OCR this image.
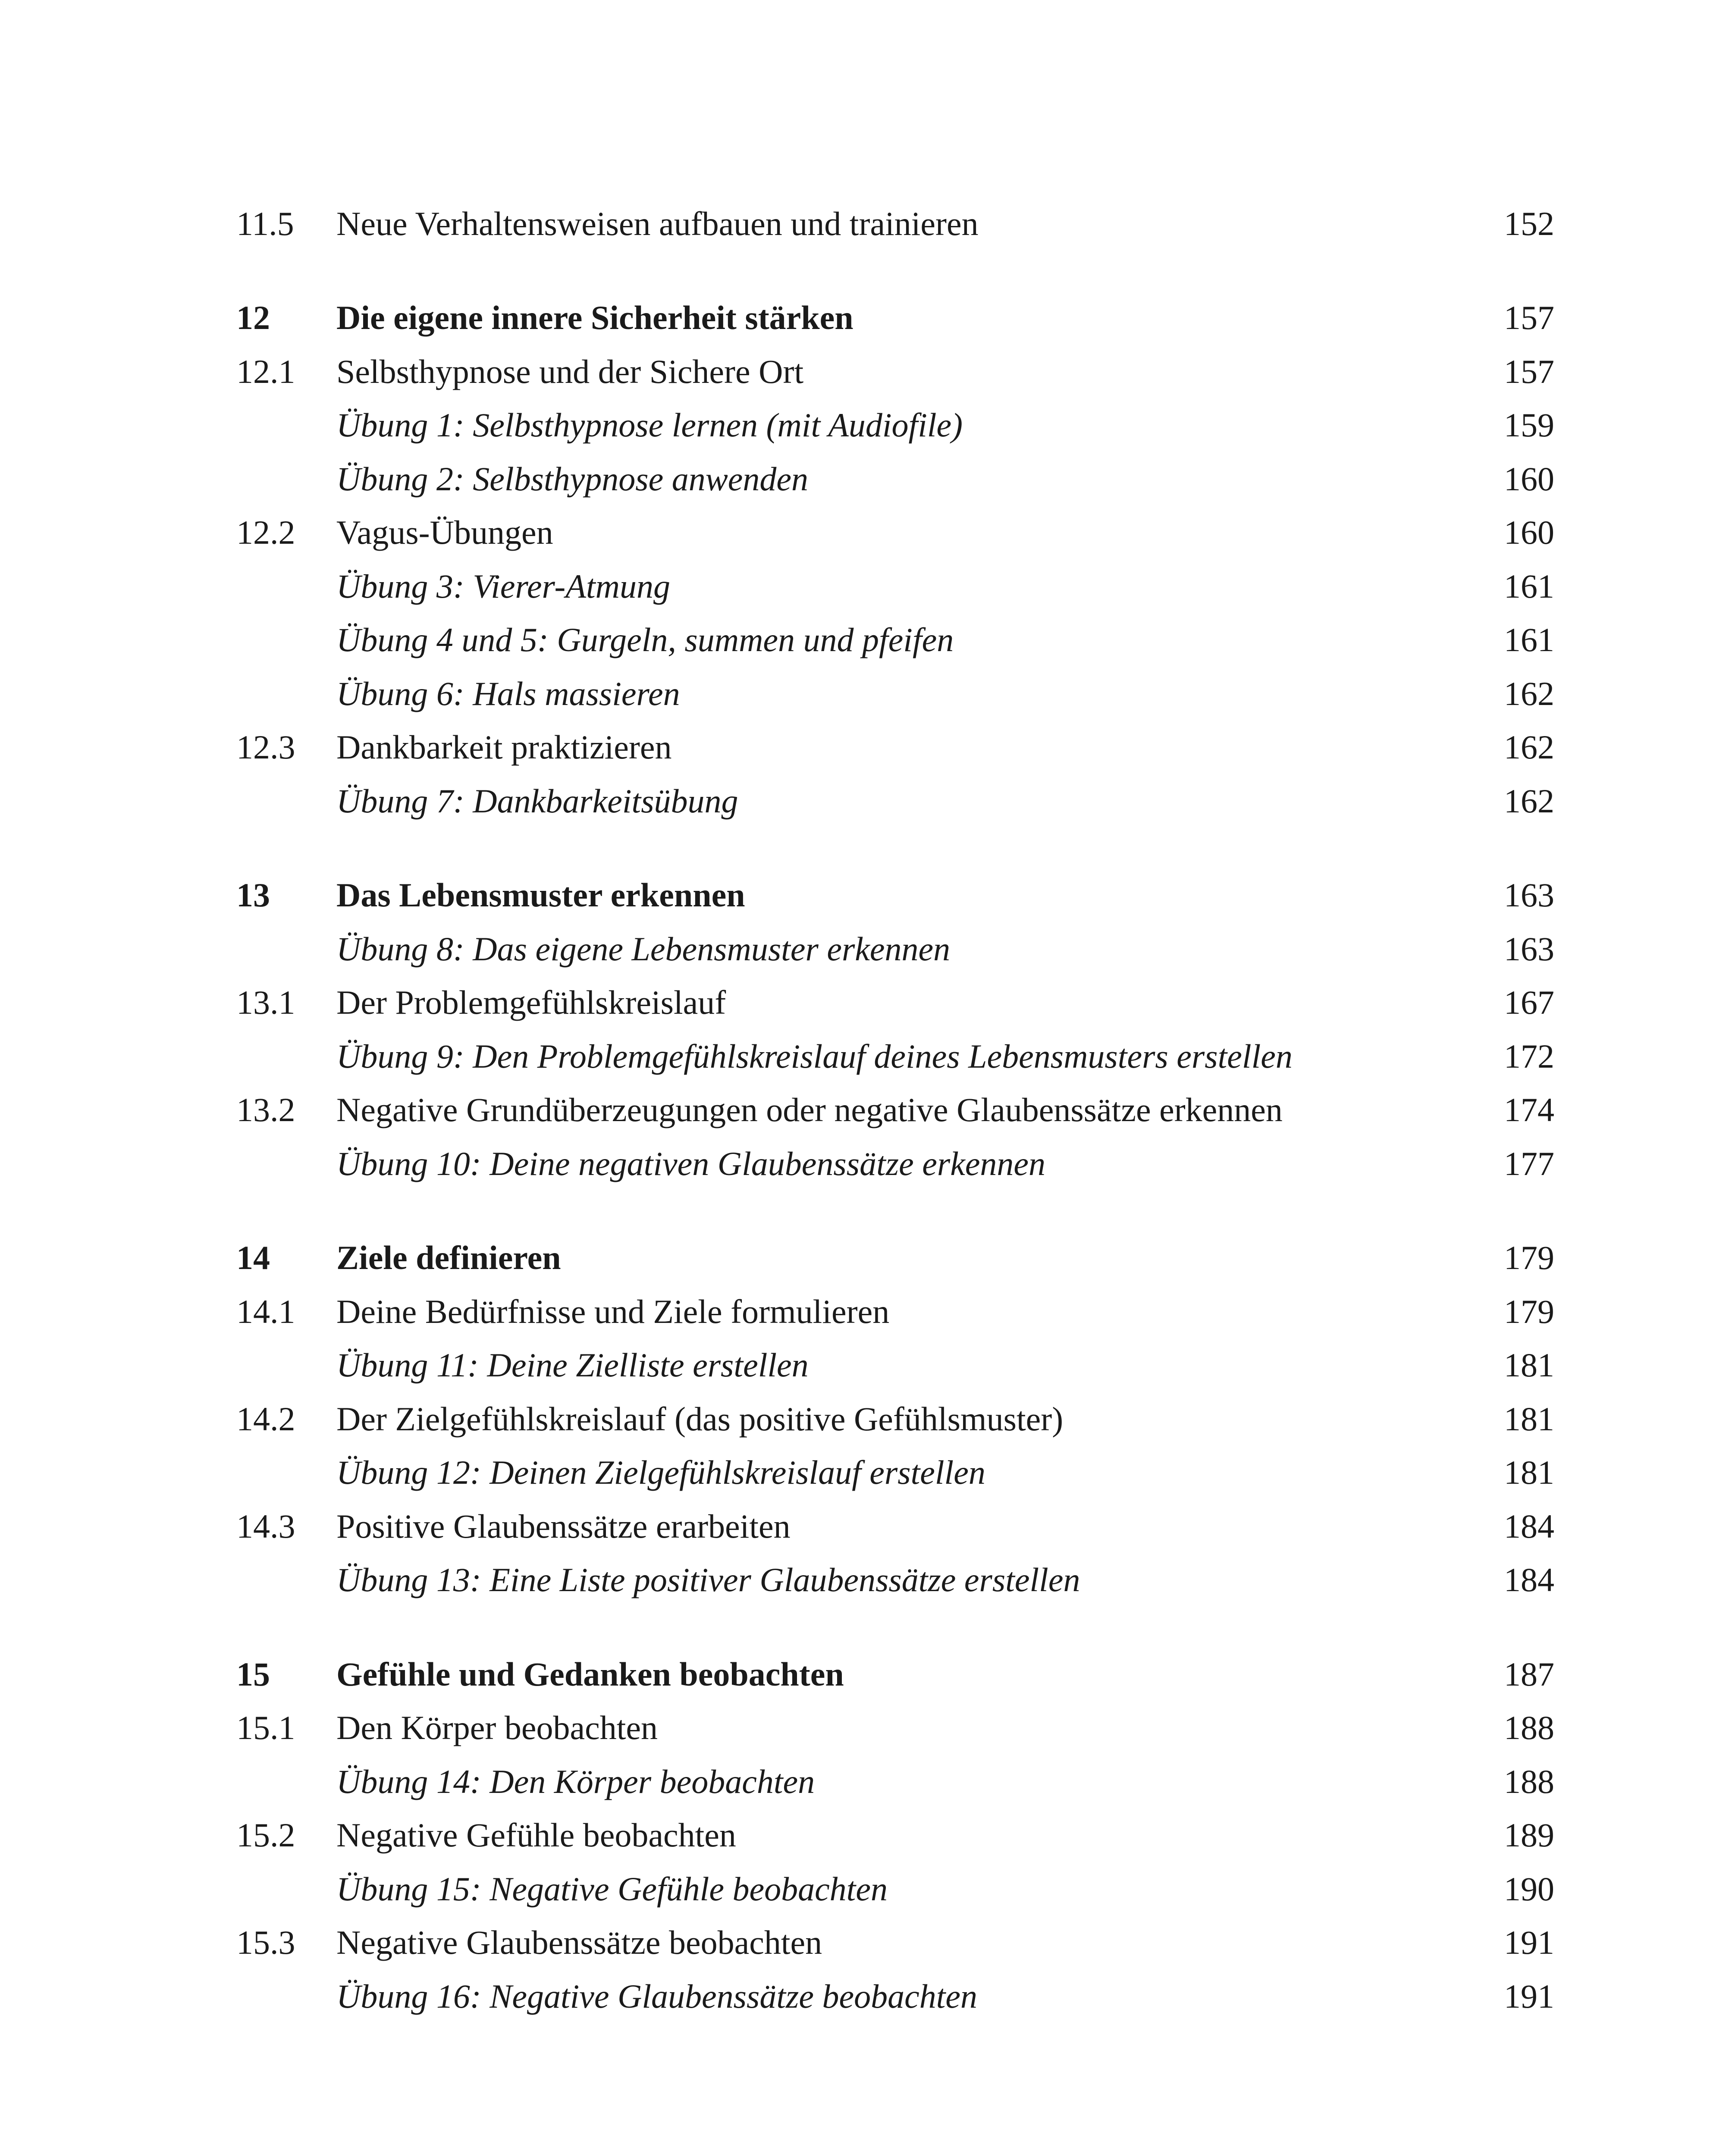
11.5 Neue Verhaltensweisen aufbauen und trainieren	152
12 Die eigene innere Sicherheit stärken	157
12.1 Selbsthypnose und der Sichere Ort	157
Übung 1: Selbsthypnose lernen (mit Audiofile)	159
Übung 2: Selbsthypnose anwenden	160
12.2 Vagus-Übungen	160
Übung 3: Vierer-Atmung	161
Übung 4 und 5: Gurgeln, summen und pfeifen	161
Übung 6: Hals massieren	162
12.3 Dankbarkeit praktizieren	162
Übung 7: Dankbarkeitsübung	162
13 Das Lebensmuster erkennen	163
Übung 8: Das eigene Lebensmuster erkennen	163
13.1 Der Problemgefühlskreislauf	167
Übung 9: Den Problemgefühlskreislauf deines Lebensmusters erstellen	172
13.2 Negative Grundüberzeugungen oder negative Glaubenssätze erkennen	174
Übung 10: Deine negativen Glaubenssätze erkennen	177
14 Ziele definieren	179
14.1 Deine Bedürfnisse und Ziele formulieren	179
Übung 11: Deine Zielliste erstellen	181
14.2 Der Zielgefühlskreislauf (das positive Gefühlsmuster)	181
Übung 12: Deinen Zielgefühlskreislauf erstellen	181
14.3 Positive Glaubenssätze erarbeiten	184
Übung 13: Eine Liste positiver Glaubenssätze erstellen	184
15 Gefühle und Gedanken beobachten	187
15.1 Den Körper beobachten	188
Übung 14: Den Körper beobachten	188
15.2 Negative Gefühle beobachten	189
Übung 15: Negative Gefühle beobachten	190
15.3 Negative Glaubenssätze beobachten	191
Übung 16: Negative Glaubenssätze beobachten	191
